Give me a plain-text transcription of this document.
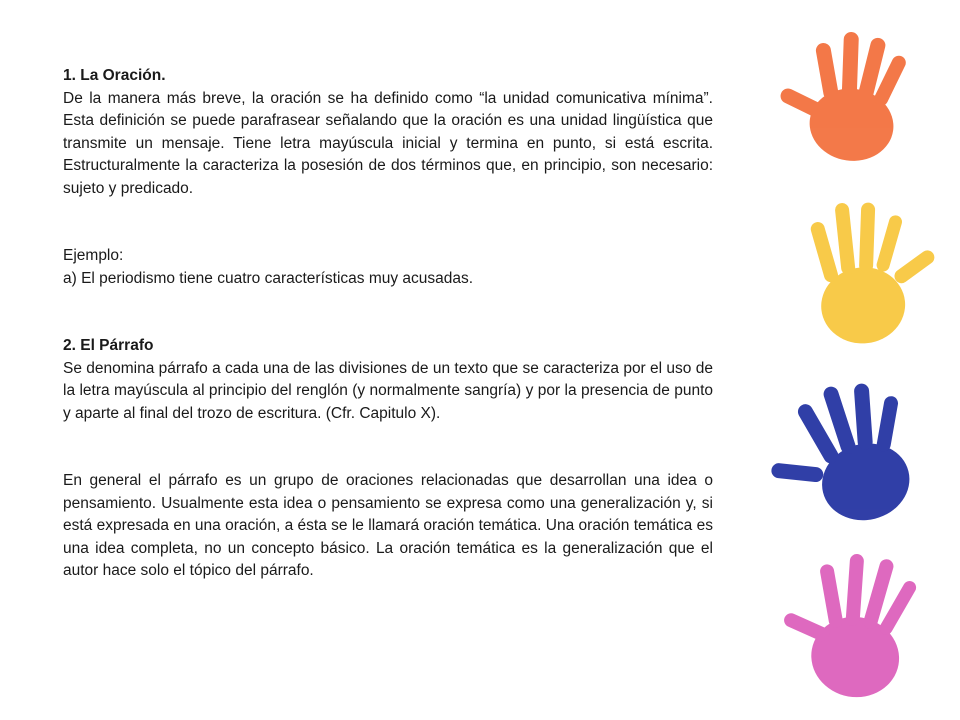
1. La Oración.

De la manera más breve, la oración se ha definido como “la unidad comunicativa mínima”. Esta definición se puede parafrasear señalando que la oración es una unidad lingüística que transmite un mensaje. Tiene letra mayúscula inicial y termina en punto, si está escrita. Estructuralmente la caracteriza la posesión de dos términos que, en principio, son necesario: sujeto y predicado.

Ejemplo:

a) El periodismo tiene cuatro características muy acusadas.

2. El Párrafo

Se denomina párrafo a cada una de las divisiones de un texto que se caracteriza por el uso de la letra mayúscula al principio del renglón (y normalmente sangría) y por la presencia de punto y aparte al final del trozo de escritura. (Cfr. Capitulo X).

En general el párrafo es un grupo de oraciones relacionadas que desarrollan una idea o pensamiento. Usualmente esta idea o pensamiento se expresa como una generalización y, si está expresada en una oración, a ésta se le llamará oración temática. Una oración temática es una idea completa, no un concepto básico. La oración temática es la generalización que el autor hace solo el tópico del párrafo.
